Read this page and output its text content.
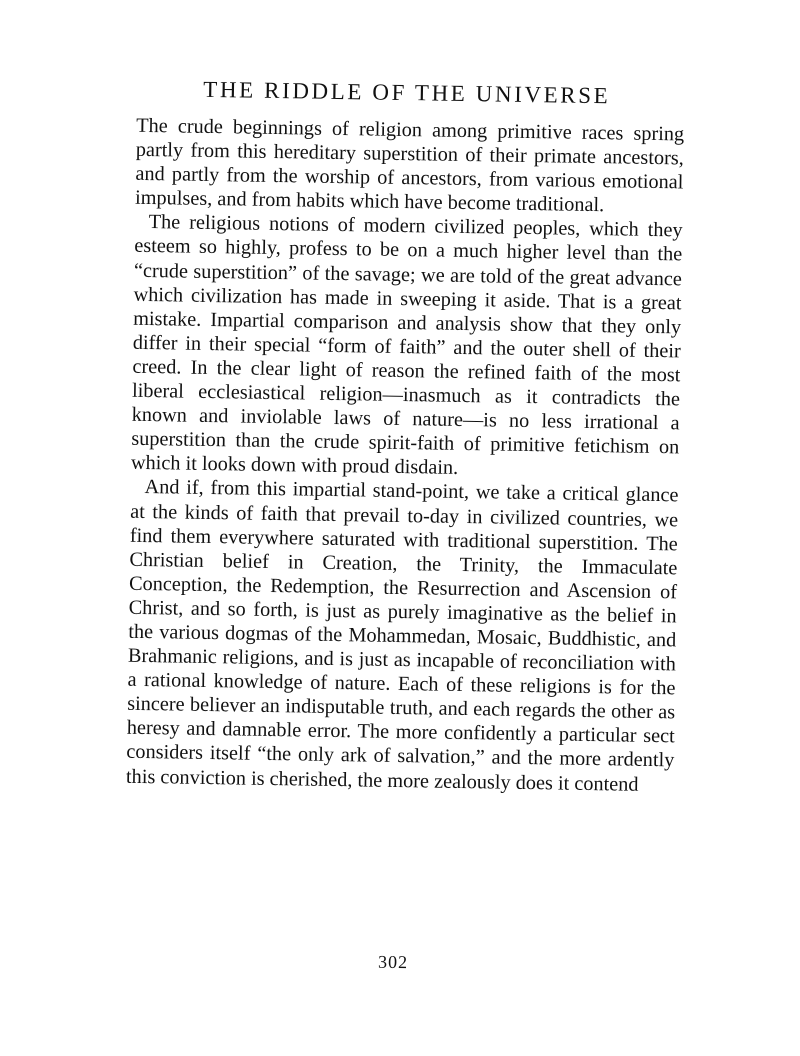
THE RIDDLE OF THE UNIVERSE

The crude beginnings of religion among primitive races spring partly from this hereditary superstition of their primate ancestors, and partly from the worship of ancestors, from various emotional impulses, and from habits which have become traditional.

The religious notions of modern civilized peoples, which they esteem so highly, profess to be on a much higher level than the “crude superstition” of the savage; we are told of the great advance which civilization has made in sweeping it aside. That is a great mistake. Impartial comparison and analysis show that they only differ in their special “form of faith” and the outer shell of their creed. In the clear light of reason the refined faith of the most liberal ecclesiastical religion—inasmuch as it contradicts the known and inviolable laws of nature—is no less irrational a superstition than the crude spirit-faith of primitive fetichism on which it looks down with proud disdain.

And if, from this impartial stand-point, we take a critical glance at the kinds of faith that prevail to-day in civilized countries, we find them everywhere saturated with traditional superstition. The Christian belief in Creation, the Trinity, the Immaculate Conception, the Redemption, the Resurrection and Ascension of Christ, and so forth, is just as purely imaginative as the belief in the various dogmas of the Mohammedan, Mosaic, Buddhistic, and Brahmanic religions, and is just as incapable of reconciliation with a rational knowledge of nature. Each of these religions is for the sincere believer an indisputable truth, and each regards the other as heresy and damnable error. The more confidently a particular sect considers itself “the only ark of salvation,” and the more ardently this conviction is cherished, the more zealously does it contend

302
